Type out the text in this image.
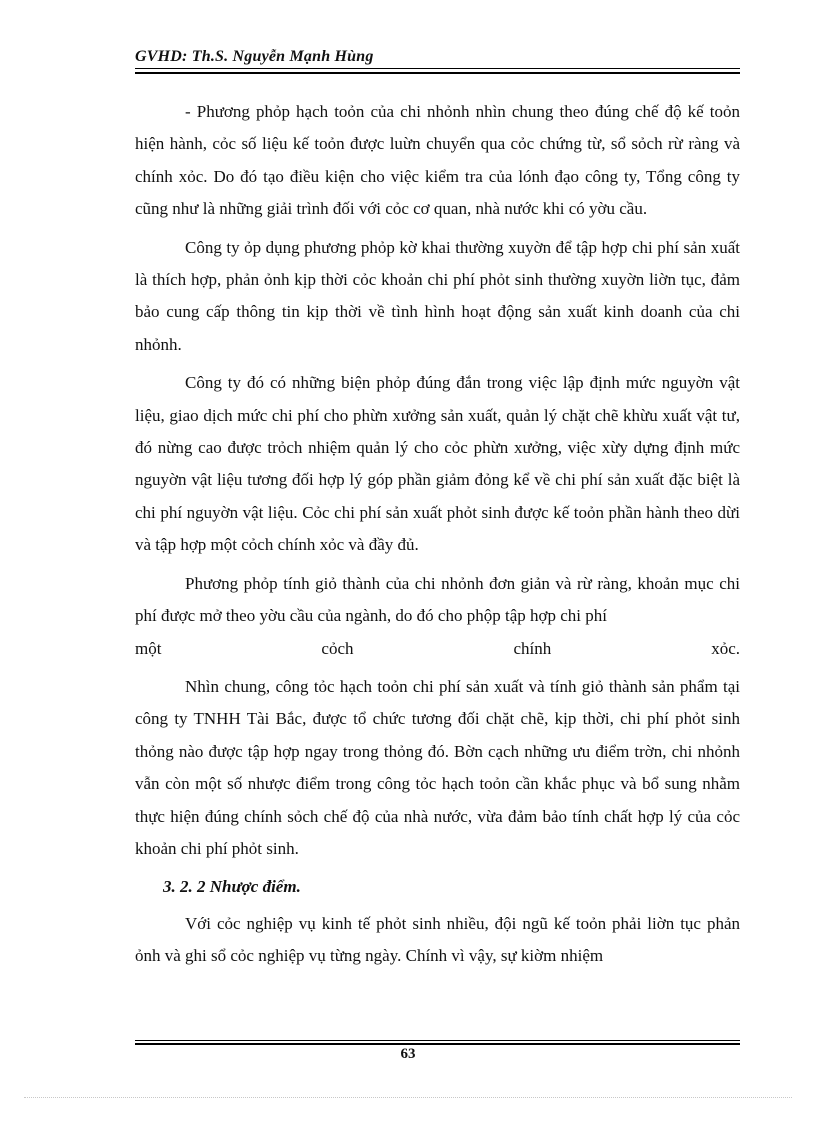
GVHD: Th.S. Nguyễn Mạnh Hùng

- Phương phỏp hạch toỏn của chi nhỏnh nhìn chung theo đúng chế độ kế toỏn hiện hành, cỏc số liệu kế toỏn được luừn chuyển qua cỏc chứng từ, sổ sỏch rừ ràng và chính xỏc. Do đó tạo điều kiện cho việc kiểm tra của lónh đạo công ty, Tổng công ty cũng như là những giải trình đối với cỏc cơ quan, nhà nước khi có yờu cầu.

Công ty ỏp dụng phương phỏp kờ khai thường xuyờn để tập hợp chi phí sản xuất là thích hợp, phản ỏnh kịp thời cỏc khoản chi phí phỏt sinh thường xuyờn liờn tục, đảm bảo cung cấp thông tin kịp thời về tình hình hoạt động sản xuất kinh doanh của chi nhỏnh.

Công ty đó có những biện phỏp đúng đắn trong việc lập định mức nguyờn vật liệu, giao dịch mức chi phí cho phừn xưởng sản xuất, quản lý chặt chẽ khừu xuất vật tư, đó nừng cao được trỏch nhiệm quản lý cho cỏc phừn xưởng, việc xừy dựng định mức nguyờn vật liệu tương đối hợp lý góp phần giảm đỏng kể về chi phí sản xuất đặc biệt là chi phí nguyờn vật liệu. Cỏc chi phí sản xuất phỏt sinh được kế toỏn phần hành theo dừi và tập hợp một cỏch chính xỏc và đầy đủ.

Phương phỏp tính giỏ thành của chi nhỏnh đơn giản và rừ ràng, khoản mục chi phí được mở theo yờu cầu của ngành, do đó cho phộp tập hợp chi phí

một cỏch chính xỏc.

Nhìn chung, công tỏc hạch toỏn chi phí sản xuất và tính giỏ thành sản phẩm tại công ty TNHH Tài Bắc, được tổ chức tương đối chặt chẽ, kịp thời, chi phí phỏt sinh thỏng nào được tập hợp ngay trong thỏng đó. Bờn cạch những ưu điểm trờn, chi nhỏnh vẫn còn một số nhược điểm trong công tỏc hạch toỏn cần khắc phục và bổ sung nhằm thực hiện đúng chính sỏch chế độ của nhà nước, vừa đảm bảo tính chất hợp lý của cỏc khoản chi phí phỏt sinh.

3. 2. 2 Nhược điểm.

Với cỏc nghiệp vụ kinh tế phỏt sinh nhiều, đội ngũ kế toỏn phải liờn tục phản ỏnh và ghi sổ cỏc nghiệp vụ từng ngày. Chính vì vậy, sự kiờm nhiệm

63
